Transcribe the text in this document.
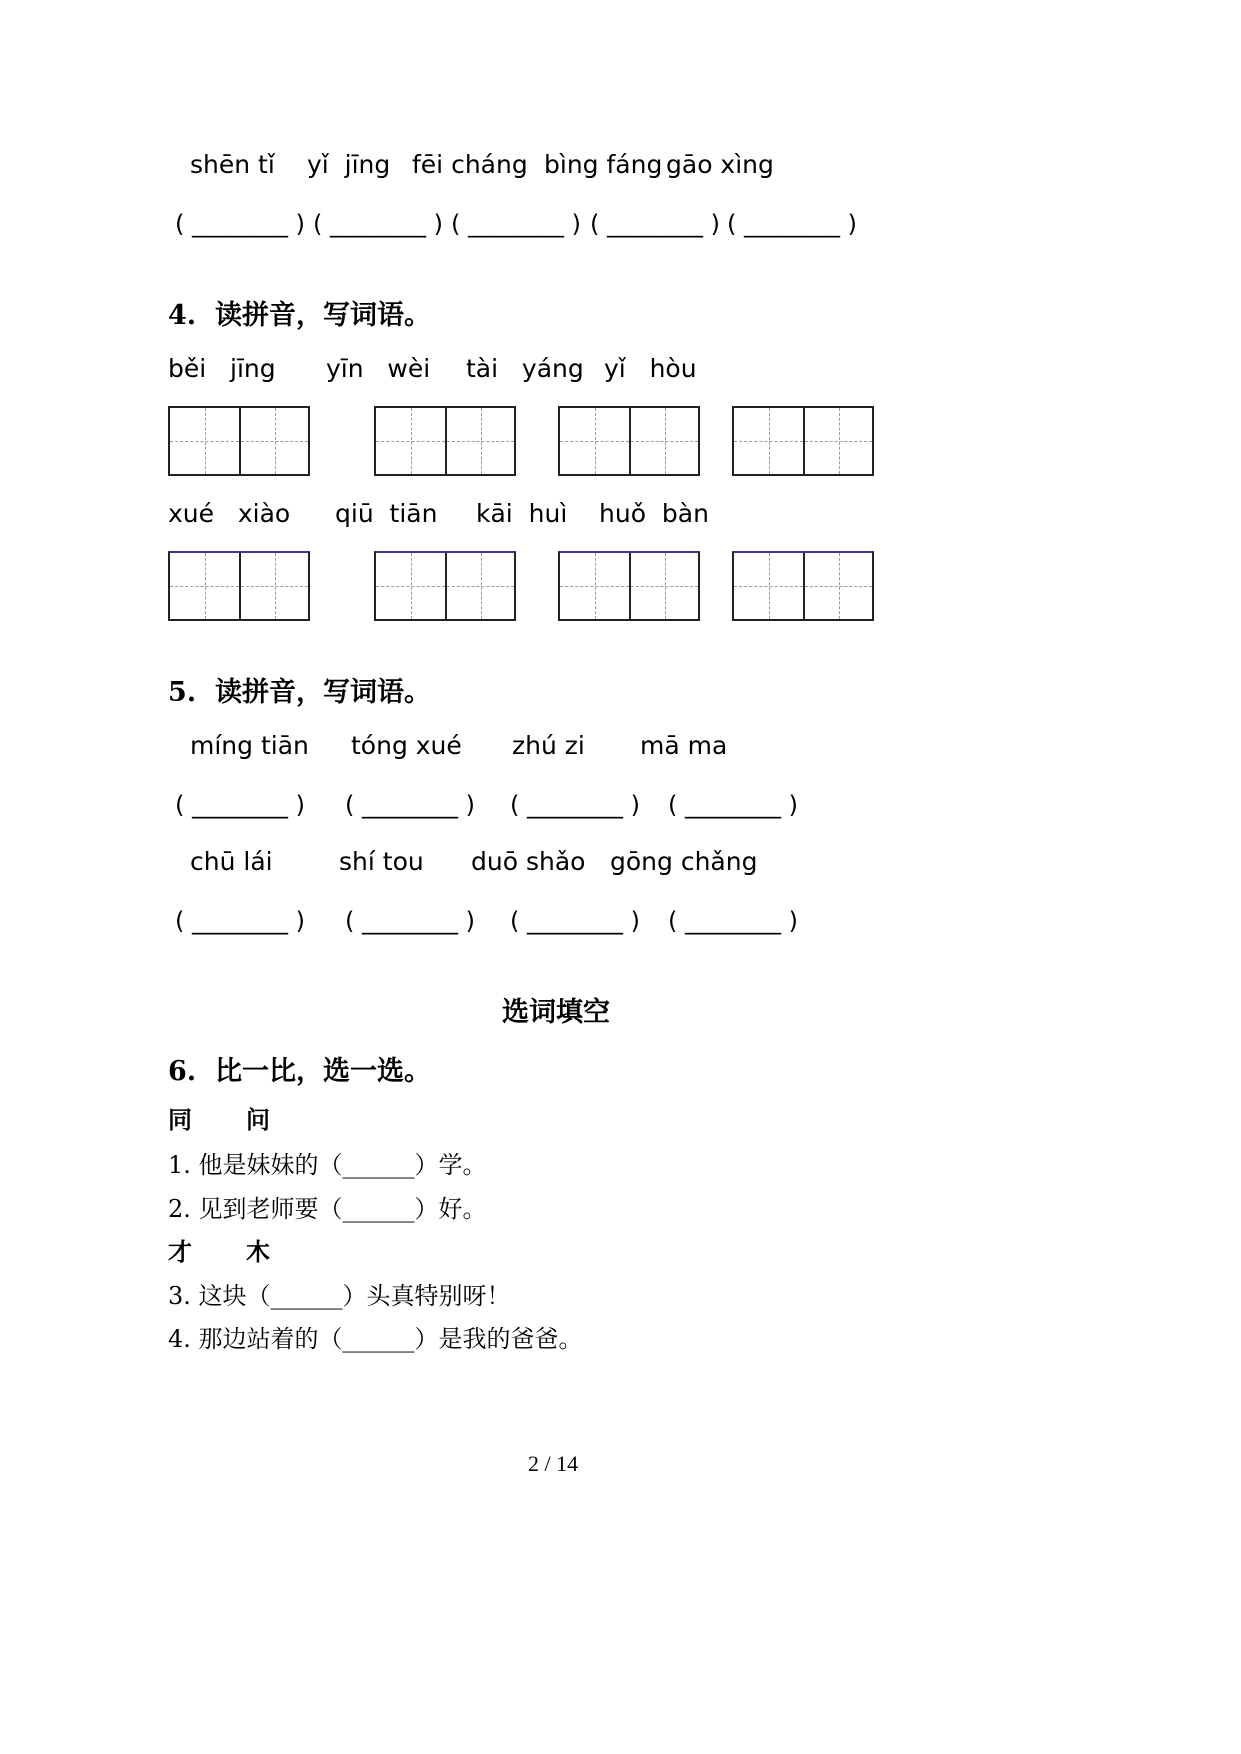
shēn tǐ yǐ  jīng fēi cháng bìng fáng gāo xìng
( ________ ) ( ________ ) ( ________ ) ( ________ ) ( ________ )
4.  读拼音，写词语。
běi   jīng yīn   wèi tài   yáng yǐ   hòu
xué   xiào qiū  tiān kāi  huì huǒ  bàn
5.  读拼音，写词语。
míng tiān tóng xué zhú zi mā ma
( ________ ) ( ________ ) ( ________ ) ( ________ )
chū lái	shí tou duō shǎo gōng chǎng
( ________ ) ( ________ ) ( ________ ) ( ________ )
选词填空
6.  比一比，选一选。
同 问
1. 他是妹妹的（______）学。
2. 见到老师要（______）好。
才 木
3. 这块（______）头真特别呀！
4. 那边站着的（______）是我的爸爸。
2 / 14
